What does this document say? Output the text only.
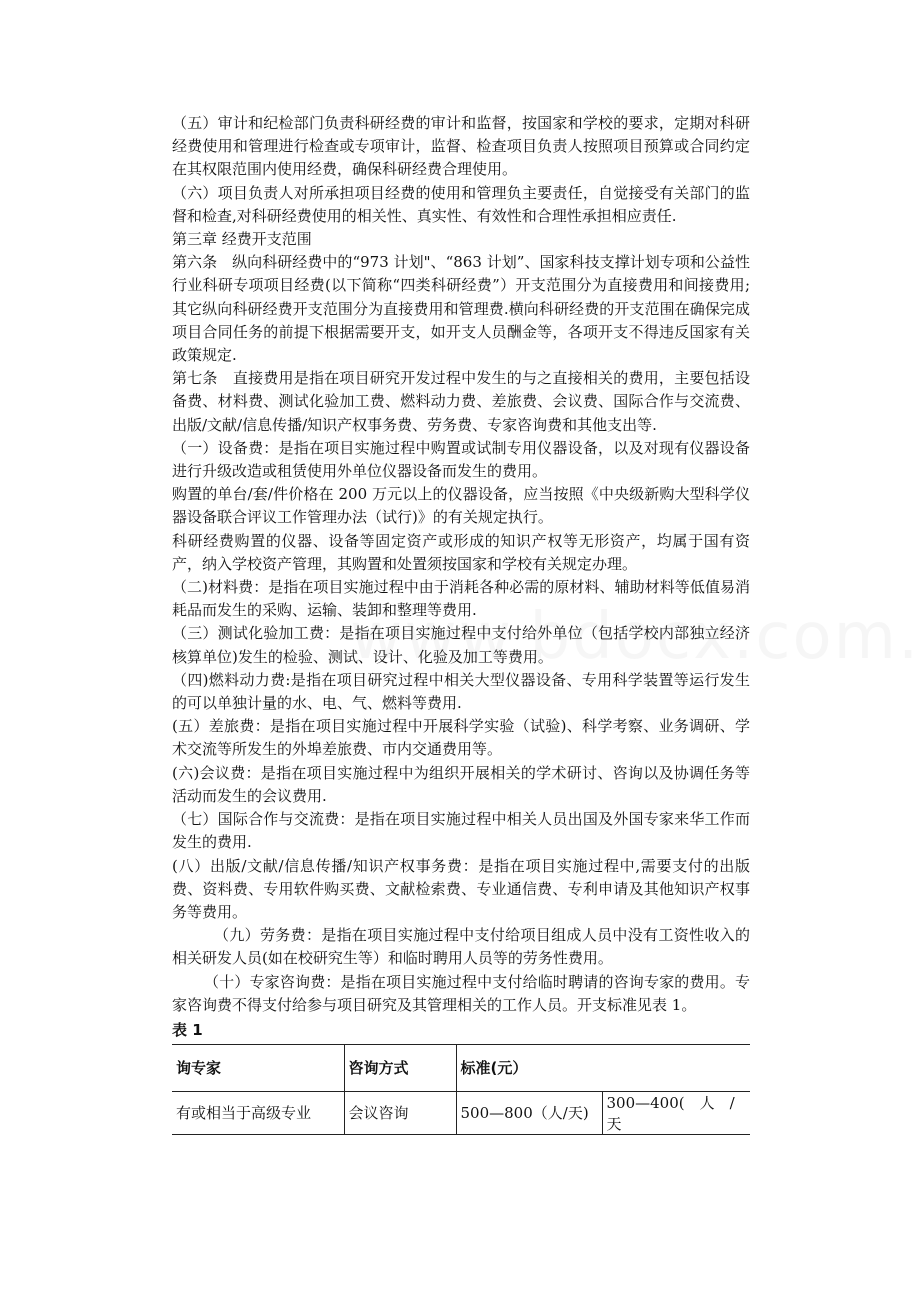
（五）审计和纪检部门负责科研经费的审计和监督，按国家和学校的要求，定期对科研经费使用和管理进行检查或专项审计，监督、检查项目负责人按照项目预算或合同约定在其权限范围内使用经费，确保科研经费合理使用。

（六）项目负责人对所承担项目经费的使用和管理负主要责任，自觉接受有关部门的监督和检查,对科研经费使用的相关性、真实性、有效性和合理性承担相应责任.

第三章 经费开支范围

第六条　纵向科研经费中的“973 计划"、“863 计划”、国家科技支撑计划专项和公益性行业科研专项项目经费(以下简称“四类科研经费”）开支范围分为直接费用和间接费用;其它纵向科研经费开支范围分为直接费用和管理费.横向科研经费的开支范围在确保完成项目合同任务的前提下根据需要开支，如开支人员酬金等，各项开支不得违反国家有关政策规定.

第七条　直接费用是指在项目研究开发过程中发生的与之直接相关的费用，主要包括设备费、材料费、测试化验加工费、燃料动力费、差旅费、会议费、国际合作与交流费、出版/文献/信息传播/知识产权事务费、劳务费、专家咨询费和其他支出等.

（一）设备费：是指在项目实施过程中购置或试制专用仪器设备，以及对现有仪器设备进行升级改造或租赁使用外单位仪器设备而发生的费用。

购置的单台/套/件价格在 200 万元以上的仪器设备，应当按照《中央级新购大型科学仪器设备联合评议工作管理办法（试行)》的有关规定执行。

科研经费购置的仪器、设备等固定资产或形成的知识产权等无形资产，均属于国有资产，纳入学校资产管理，其购置和处置须按国家和学校有关规定办理。

（二)材料费：是指在项目实施过程中由于消耗各种必需的原材料、辅助材料等低值易消耗品而发生的采购、运输、装卸和整理等费用.

（三）测试化验加工费：是指在项目实施过程中支付给外单位（包括学校内部独立经济核算单位)发生的检验、测试、设计、化验及加工等费用。

（四)燃料动力费:是指在项目研究过程中相关大型仪器设备、专用科学装置等运行发生的可以单独计量的水、电、气、燃料等费用.

(五）差旅费：是指在项目实施过程中开展科学实验（试验)、科学考察、业务调研、学术交流等所发生的外埠差旅费、市内交通费用等。

(六)会议费：是指在项目实施过程中为组织开展相关的学术研讨、咨询以及协调任务等活动而发生的会议费用.

（七）国际合作与交流费：是指在项目实施过程中相关人员出国及外国专家来华工作而发生的费用.

(八）出版/文献/信息传播/知识产权事务费：是指在项目实施过程中,需要支付的出版费、资料费、专用软件购买费、文献检索费、专业通信费、专利申请及其他知识产权事务等费用。

（九）劳务费：是指在项目实施过程中支付给项目组成人员中没有工资性收入的相关研发人员(如在校研究生等）和临时聘用人员等的劳务性费用。

（十）专家咨询费：是指在项目实施过程中支付给临时聘请的咨询专家的费用。专家咨询费不得支付给参与项目研究及其管理相关的工作人员。开支标准见表 1。

表 1
询专家	咨询方式	标准(元）	
有或相当于高级专业	会议咨询	500—800（人/天)	300—400(　人　/　天
